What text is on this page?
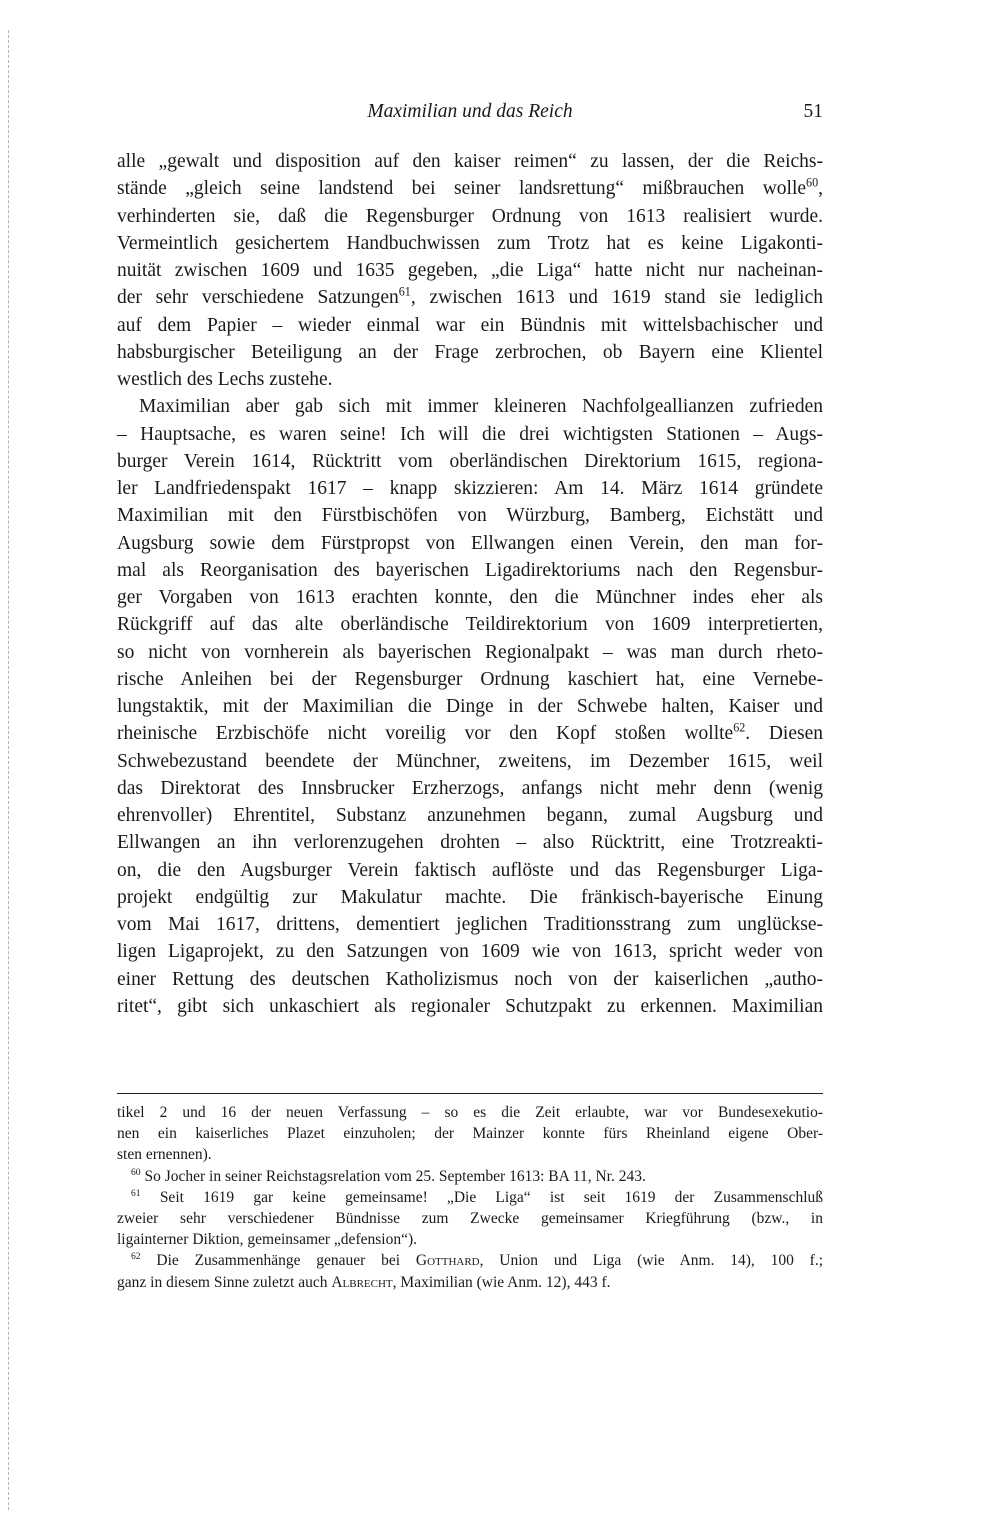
Maximilian und das Reich	51
alle „gewalt und disposition auf den kaiser reimen“ zu lassen, der die Reichs-
stände „gleich seine landstend bei seiner landsrettung“ mißbrauchen wolle$^{60}$,
verhinderten sie, daß die Regensburger Ordnung von 1613 realisiert wurde.
Vermeintlich gesichertem Handbuchwissen zum Trotz hat es keine Ligakonti-
nuität zwischen 1609 und 1635 gegeben, „die Liga“ hatte nicht nur nacheinan-
der sehr verschiedene Satzungen$^{61}$, zwischen 1613 und 1619 stand sie lediglich
auf dem Papier – wieder einmal war ein Bündnis mit wittelsbachischer und
habsburgischer Beteiligung an der Frage zerbrochen, ob Bayern eine Klientel
westlich des Lechs zustehe.
Maximilian aber gab sich mit immer kleineren Nachfolgeallianzen zufrieden
– Hauptsache, es waren seine! Ich will die drei wichtigsten Stationen – Augs-
burger Verein 1614, Rücktritt vom oberländischen Direktorium 1615, regiona-
ler Landfriedenspakt 1617 – knapp skizzieren: Am 14. März 1614 gründete
Maximilian mit den Fürstbischöfen von Würzburg, Bamberg, Eichstätt und
Augsburg sowie dem Fürstpropst von Ellwangen einen Verein, den man for-
mal als Reorganisation des bayerischen Ligadirektoriums nach den Regensbur-
ger Vorgaben von 1613 erachten konnte, den die Münchner indes eher als
Rückgriff auf das alte oberländische Teildirektorium von 1609 interpretierten,
so nicht von vornherein als bayerischen Regionalpakt – was man durch rheto-
rische Anleihen bei der Regensburger Ordnung kaschiert hat, eine Vernebe-
lungstaktik, mit der Maximilian die Dinge in der Schwebe halten, Kaiser und
rheinische Erzbischöfe nicht voreilig vor den Kopf stoßen wollte$^{62}$. Diesen
Schwebezustand beendete der Münchner, zweitens, im Dezember 1615, weil
das Direktorat des Innsbrucker Erzherzogs, anfangs nicht mehr denn (wenig
ehrenvoller) Ehrentitel, Substanz anzunehmen begann, zumal Augsburg und
Ellwangen an ihn verlorenzugehen drohten – also Rücktritt, eine Trotzreakti-
on, die den Augsburger Verein faktisch auflöste und das Regensburger Liga-
projekt endgültig zur Makulatur machte. Die fränkisch-bayerische Einung
vom Mai 1617, drittens, dementiert jeglichen Traditionsstrang zum unglückse-
ligen Ligaprojekt, zu den Satzungen von 1609 wie von 1613, spricht weder von
einer Rettung des deutschen Katholizismus noch von der kaiserlichen „autho-
ritet“, gibt sich unkaschiert als regionaler Schutzpakt zu erkennen. Maximilian
tikel 2 und 16 der neuen Verfassung – so es die Zeit erlaubte, war vor Bundesexekutio-
nen ein kaiserliches Plazet einzuholen; der Mainzer konnte fürs Rheinland eigene Ober-
sten ernennen).
$^{60}$ So Jocher in seiner Reichstagsrelation vom 25. September 1613: BA 11, Nr. 243.
$^{61}$ Seit 1619 gar keine gemeinsame! „Die Liga“ ist seit 1619 der Zusammenschluß
zweier sehr verschiedener Bündnisse zum Zwecke gemeinsamer Kriegführung (bzw., in
ligainterner Diktion, gemeinsamer „defension“).
$^{62}$ Die Zusammenhänge genauer bei Gotthard, Union und Liga (wie Anm. 14), 100 f.;
ganz in diesem Sinne zuletzt auch Albrecht, Maximilian (wie Anm. 12), 443 f.
